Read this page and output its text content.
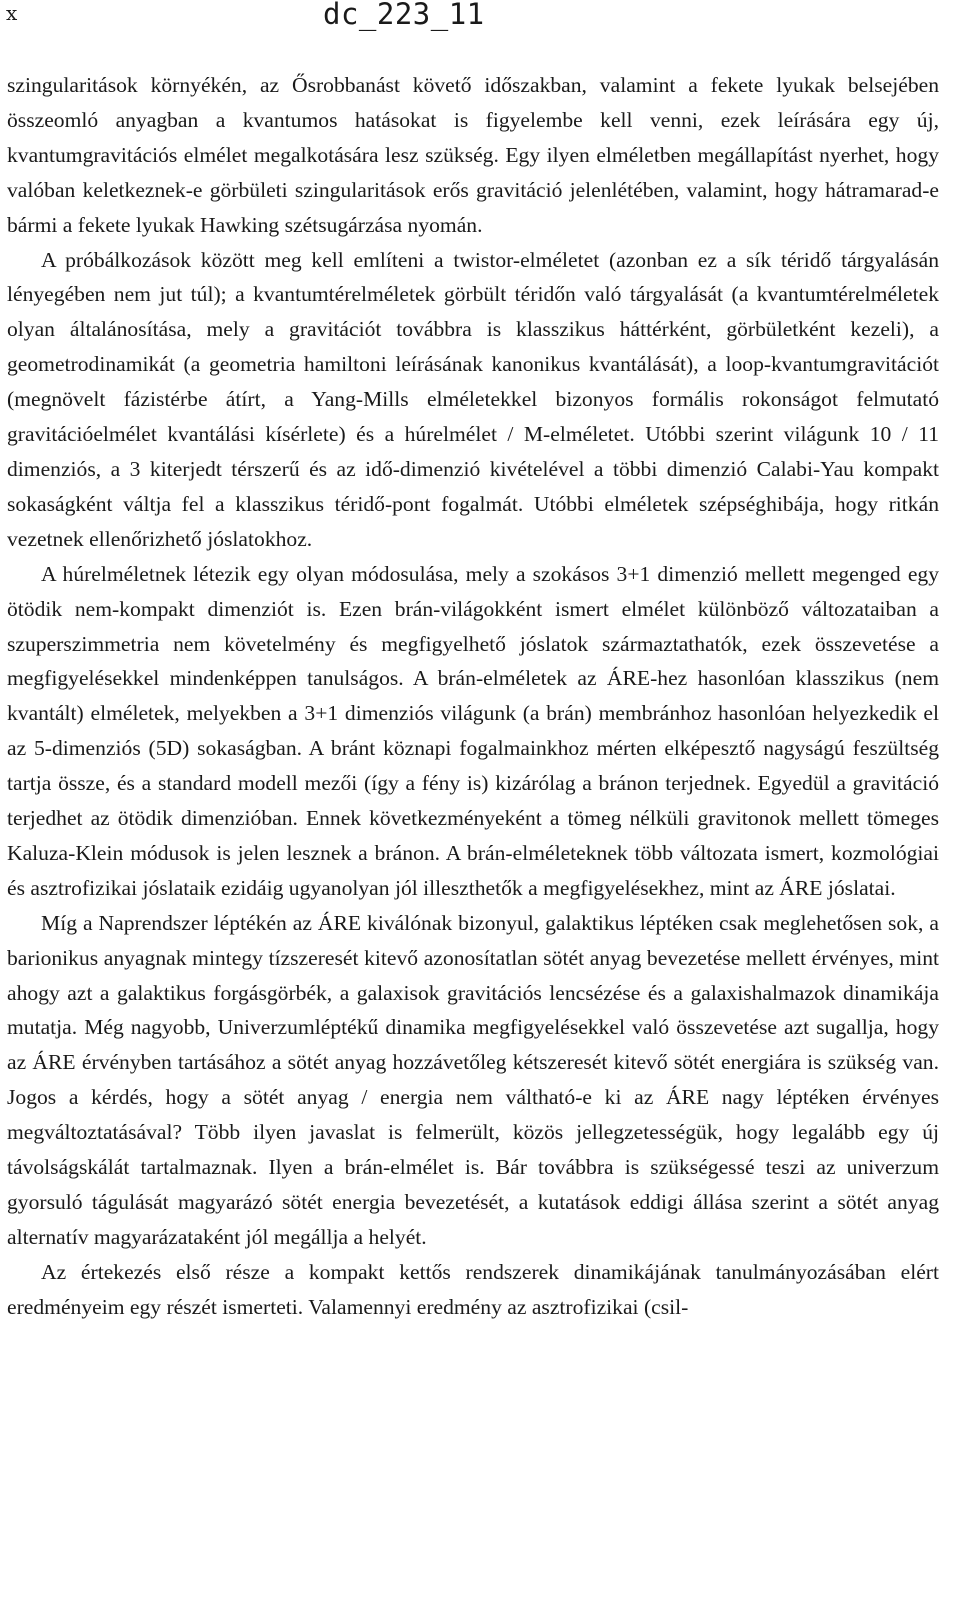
x	dc_223_11

szingularitások környékén, az Ősrobbanást követő időszakban, valamint a fekete lyukak belsejében összeomló anyagban a kvantumos hatásokat is figyelembe kell venni, ezek leírására egy új, kvantumgravitációs elmélet megalkotására lesz szükség. Egy ilyen elméletben megállapítást nyerhet, hogy valóban keletkeznek-e görbületi szingularitások erős gravitáció jelenlétében, valamint, hogy hátramarad-e bármi a fekete lyukak Hawking szétsugárzása nyomán.

A próbálkozások között meg kell említeni a twistor-elméletet (azonban ez a sík téridő tárgyalásán lényegében nem jut túl); a kvantumtérelméletek görbült téridőn való tárgyalását (a kvantumtérelméletek olyan általánosítása, mely a gravitációt továbbra is klasszikus háttérként, görbületként kezeli), a geometrodinamikát (a geometria hamiltoni leírásának kanonikus kvantálását), a loop-kvantumgravitációt (megnövelt fázistérbe átírt, a Yang-Mills elméletekkel bizonyos formális rokonságot felmutató gravitációelmélet kvantálási kísérlete) és a húrelmélet / M-elméletet. Utóbbi szerint világunk 10 / 11 dimenziós, a 3 kiterjedt térszerű és az idő-dimenzió kivételével a többi dimenzió Calabi-Yau kompakt sokaságként váltja fel a klasszikus téridő-pont fogalmát. Utóbbi elméletek szépséghibája, hogy ritkán vezetnek ellenőrizhető jóslatokhoz.

A húrelméletnek létezik egy olyan módosulása, mely a szokásos 3+1 dimenzió mellett megenged egy ötödik nem-kompakt dimenziót is. Ezen brán-világokként ismert elmélet különböző változataiban a szuperszimmetria nem követelmény és megfigyelhető jóslatok származtathatók, ezek összevetése a megfigyelésekkel mindenképpen tanulságos. A brán-elméletek az ÁRE-hez hasonlóan klasszikus (nem kvantált) elméletek, melyekben a 3+1 dimenziós világunk (a brán) membránhoz hasonlóan helyezkedik el az 5-dimenziós (5D) sokaságban. A bránt köznapi fogalmainkhoz mérten elképesztő nagyságú feszültség tartja össze, és a standard modell mezői (így a fény is) kizárólag a bránon terjednek. Egyedül a gravitáció terjedhet az ötödik dimenzióban. Ennek következményeként a tömeg nélküli gravitonok mellett tömeges Kaluza-Klein módusok is jelen lesznek a bránon. A brán-elméleteknek több változata ismert, kozmológiai és asztrofizikai jóslataik ezidáig ugyanolyan jól illeszthetők a megfigyelésekhez, mint az ÁRE jóslatai.

Míg a Naprendszer léptékén az ÁRE kiválónak bizonyul, galaktikus léptéken csak meglehetősen sok, a barionikus anyagnak mintegy tízszeresét kitevő azonosítatlan sötét anyag bevezetése mellett érvényes, mint ahogy azt a galaktikus forgásgörbék, a galaxisok gravitációs lencsézése és a galaxishalmazok dinamikája mutatja. Még nagyobb, Univerzumléptékű dinamika megfigyelésekkel való összevetése azt sugallja, hogy az ÁRE érvényben tartásához a sötét anyag hozzávetőleg kétszeresét kitevő sötét energiára is szükség van. Jogos a kérdés, hogy a sötét anyag / energia nem váltható-e ki az ÁRE nagy léptéken érvényes megváltoztatásával? Több ilyen javaslat is felmerült, közös jellegzetességük, hogy legalább egy új távolságskálát tartalmaznak. Ilyen a brán-elmélet is. Bár továbbra is szükségessé teszi az univerzum gyorsuló tágulását magyarázó sötét energia bevezetését, a kutatások eddigi állása szerint a sötét anyag alternatív magyarázataként jól megállja a helyét.

Az értekezés első része a kompakt kettős rendszerek dinamikájának tanulmányozásában elért eredményeim egy részét ismerteti. Valamennyi eredmény az asztrofizikai (csil-
